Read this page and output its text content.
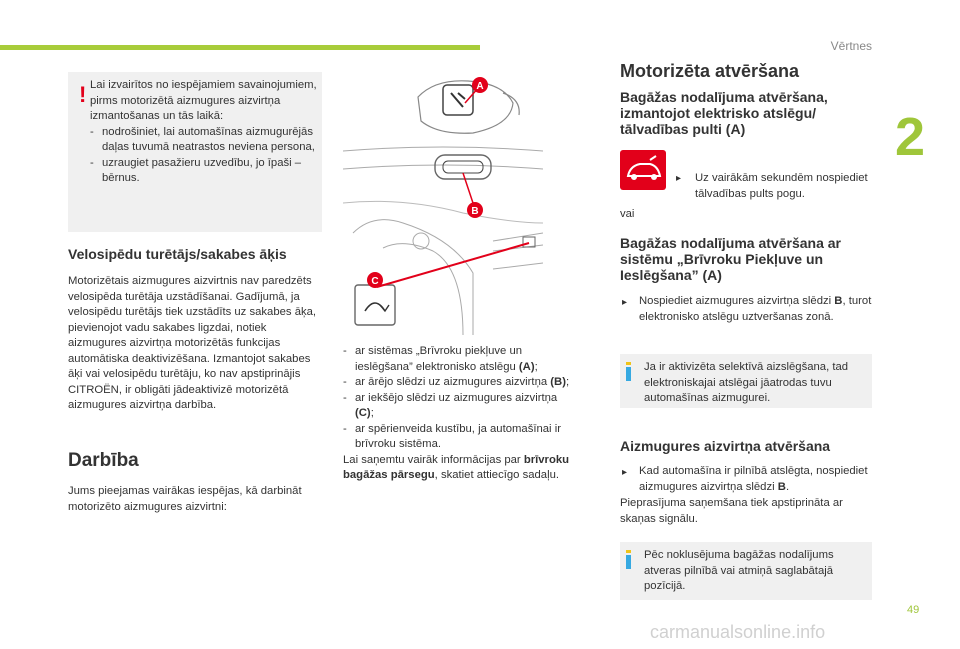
Vērtnes
2
49
carmanualsonline.info
! Lai izvairītos no iespējamiem savainojumiem, pirms motorizētā aizmugures aizvirtņa izmantošanas un tās laikā:
- nodrošiniet, lai automašīnas aizmugurējās daļas tuvumā neatrastos neviena persona,
- uzraugiet pasažieru uzvedību, jo īpaši – bērnus.
Velosipēdu turētājs/sakabes āķis
Motorizētais aizmugures aizvirtnis nav paredzēts velosipēda turētāja uzstādīšanai. Gadījumā, ja velosipēdu turētājs tiek uzstādīts uz sakabes āķa, pievienojot vadu sakabes ligzdai, notiek aizmugures aizvirtņa motorizētās funkcijas automātiska deaktivizēšana. Izmantojot sakabes āķi vai velosipēdu turētāju, ko nav apstiprinājis CITROËN, ir obligāti jādeaktivizē motorizētā aizmugures aizvirtņa darbība.
Darbība
Jums pieejamas vairākas iespējas, kā darbināt motorizēto aizmugures aizvirtni:
A
B
C
- ar sistēmas „Brīvroku piekļuve un ieslēgšana” elektronisko atslēgu (A);
- ar ārējo slēdzi uz aizmugures aizvirtņa (B);
- ar iekšējo slēdzi uz aizmugures aizvirtņa (C);
- ar spērienveida kustību, ja automašīnai ir brīvroku sistēma.
Lai saņemtu vairāk informācijas par brīvroku bagāžas pārsegu, skatiet attiecīgo sadaļu.
Motorizēta atvēršana
Bagāžas nodalījuma atvēršana, izmantojot elektrisko atslēgu/ tālvadības pulti (A)
▸ Uz vairākām sekundēm nospiediet tālvadības pults pogu.
vai
Bagāžas nodalījuma atvēršana ar sistēmu „Brīvroku Piekļuve un Ieslēgšana” (A)
▸ Nospiediet aizmugures aizvirtņa slēdzi B, turot elektronisko atslēgu uztveršanas zonā.
Ja ir aktivizēta selektīvā aizslēgšana, tad elektroniskajai atslēgai jāatrodas tuvu automašīnas aizmugurei.
Aizmugures aizvirtņa atvēršana
▸ Kad automašīna ir pilnībā atslēgta, nospiediet aizmugures aizvirtņa slēdzi B.
Pieprasījuma saņemšana tiek apstiprināta ar skaņas signālu.
Pēc noklusējuma bagāžas nodalījums atveras pilnībā vai atmiņā saglabātajā pozīcijā.
